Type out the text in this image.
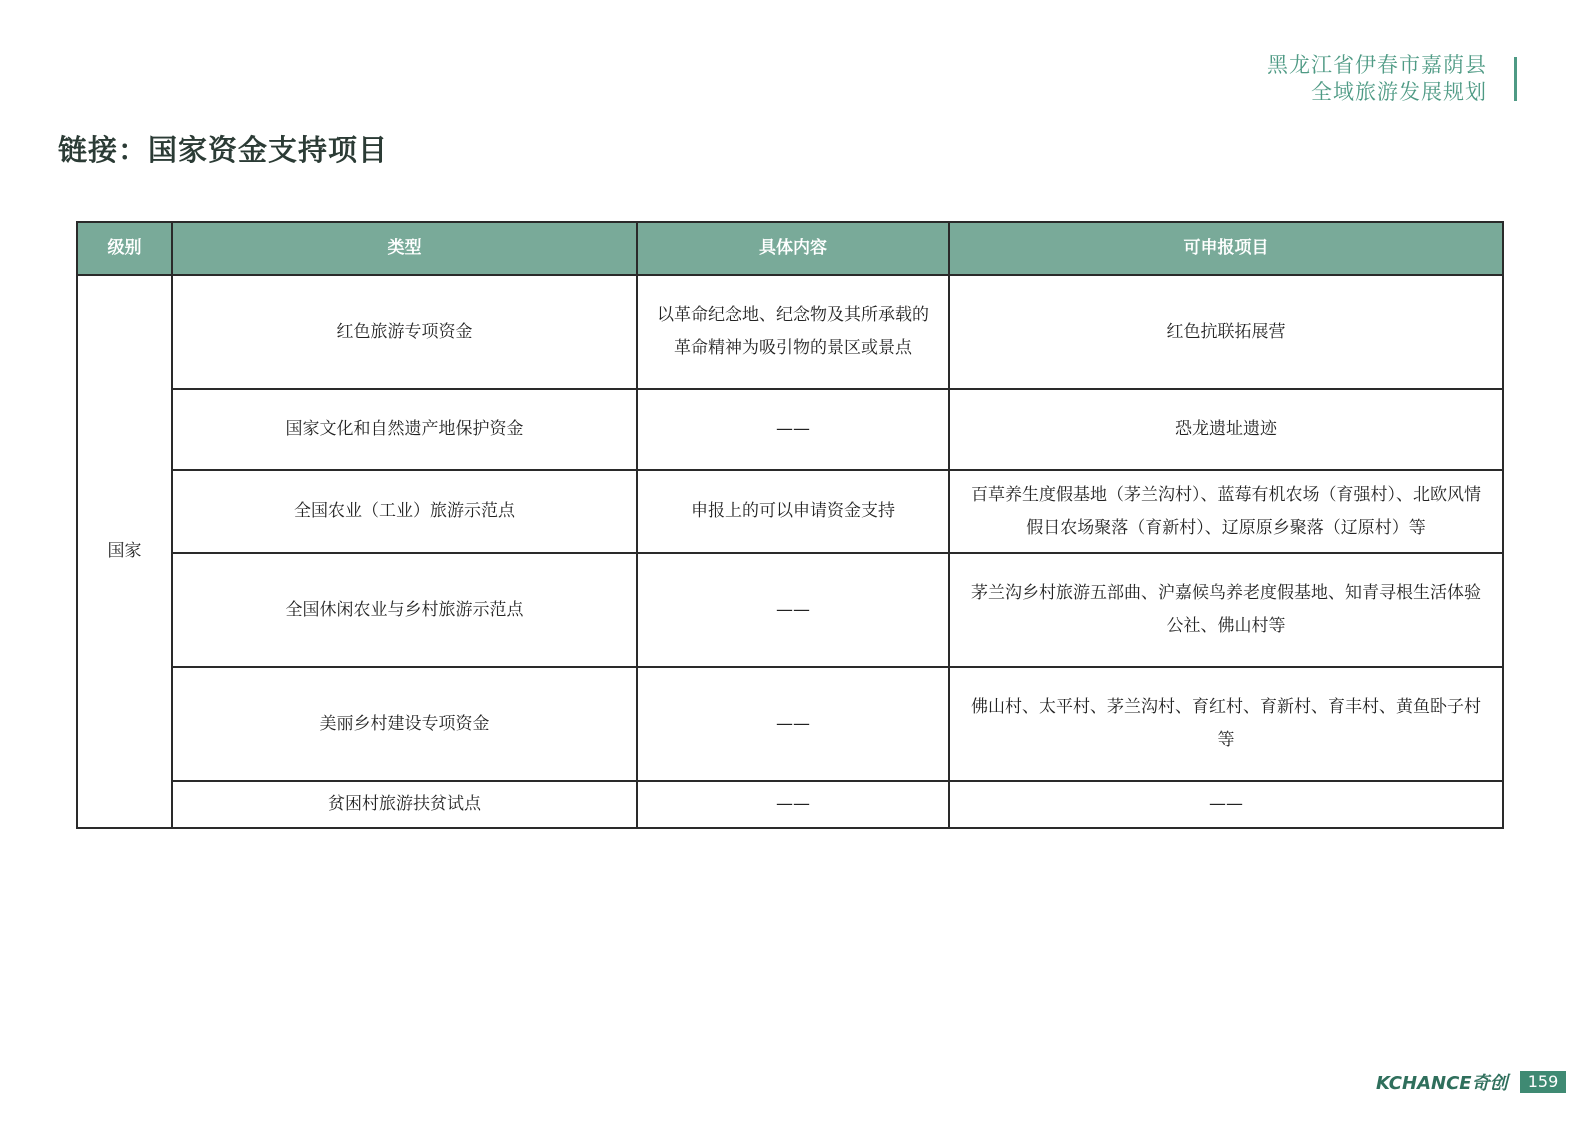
黑龙江省伊春市嘉荫县
全域旅游发展规划
链接：国家资金支持项目
级别	类型	具体内容	可申报项目
国家	红色旅游专项资金	以革命纪念地、纪念物及其所承载的革命精神为吸引物的景区或景点	红色抗联拓展营
	国家文化和自然遗产地保护资金	——	恐龙遗址遗迹
	全国农业（工业）旅游示范点	申报上的可以申请资金支持	百草养生度假基地（茅兰沟村）、蓝莓有机农场（育强村）、北欧风情假日农场聚落（育新村）、辽原原乡聚落（辽原村）等
	全国休闲农业与乡村旅游示范点	——	茅兰沟乡村旅游五部曲、沪嘉候鸟养老度假基地、知青寻根生活体验公社、佛山村等
	美丽乡村建设专项资金	——	佛山村、太平村、茅兰沟村、育红村、育新村、育丰村、黄鱼卧子村等
	贫困村旅游扶贫试点	——	——
KCHANCE奇创	159
